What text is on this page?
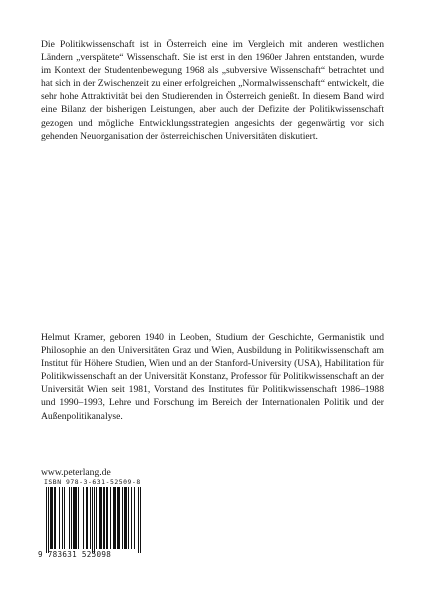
Die Politikwissenschaft ist in Österreich eine im Vergleich mit anderen westlichen Ländern „verspätete“ Wissenschaft. Sie ist erst in den 1960er Jahren entstanden, wurde im Kontext der Studentenbewegung 1968 als „subversive Wissenschaft“ betrachtet und hat sich in der Zwischenzeit zu einer erfolgreichen „Normalwissenschaft“ entwickelt, die sehr hohe Attraktivität bei den Studierenden in Österreich genießt. In diesem Band wird eine Bilanz der bisherigen Leistungen, aber auch der Defizite der Politikwissenschaft gezogen und mögliche Entwicklungsstrategien angesichts der gegenwärtig vor sich gehenden Neuorganisation der österreichischen Universitäten diskutiert.

Helmut Kramer, geboren 1940 in Leoben, Studium der Geschichte, Germanistik und Philosophie an den Universitäten Graz und Wien, Ausbildung in Politikwissenschaft am Institut für Höhere Studien, Wien und an der Stanford-University (USA), Habilitation für Politikwissenschaft an der Universität Konstanz, Professor für Politikwissenschaft an der Universität Wien seit 1981, Vorstand des Institutes für Politikwissenschaft 1986–1988 und 1990–1993, Lehre und Forschung im Bereich der Internationalen Politik und der Außenpolitikanalyse.

www.peterlang.de

ISBN 978-3-631-52509-8

9 783631 525098
